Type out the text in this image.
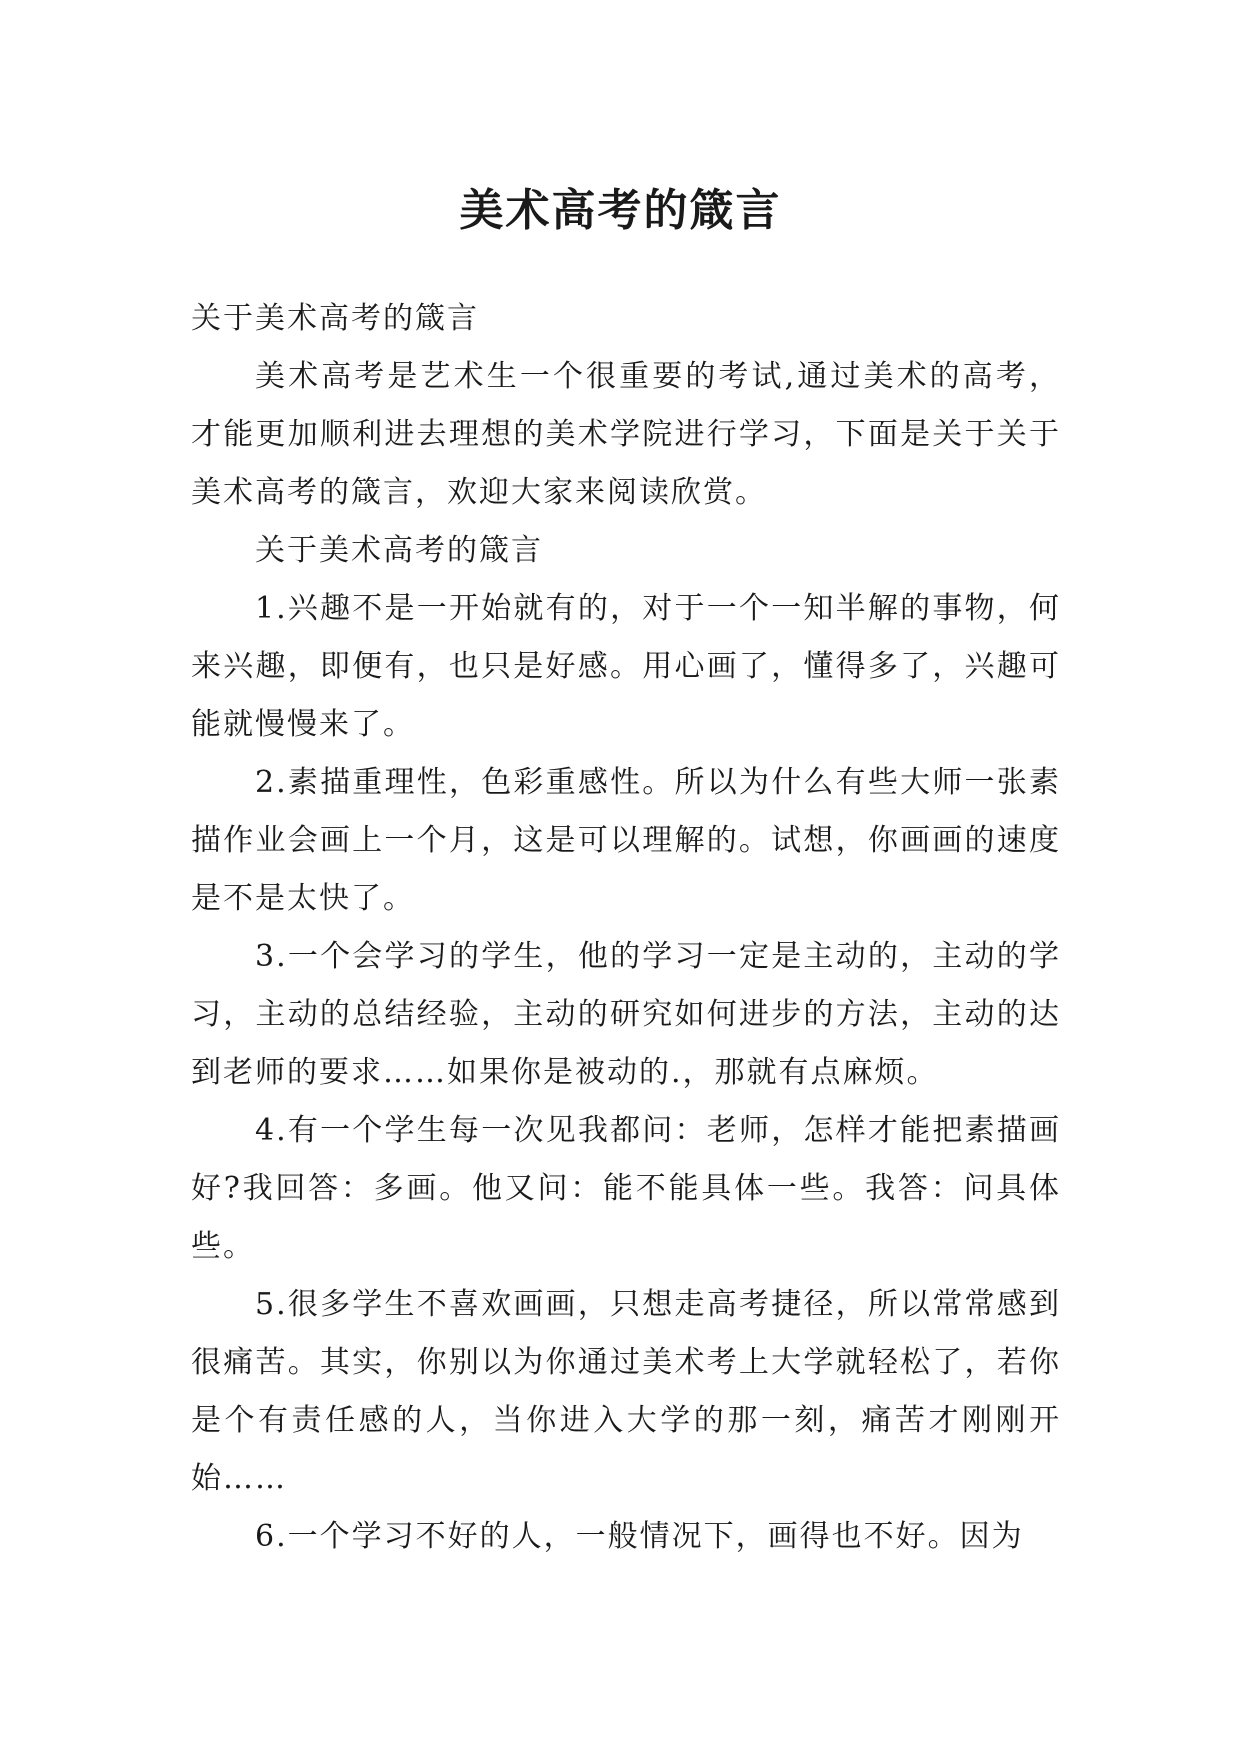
美术高考的箴言

关于美术高考的箴言

美术高考是艺术生一个很重要的考试,通过美术的高考，才能更加顺利进去理想的美术学院进行学习，下面是关于关于美术高考的箴言，欢迎大家来阅读欣赏。

关于美术高考的箴言

1.兴趣不是一开始就有的，对于一个一知半解的事物，何来兴趣，即便有，也只是好感。用心画了，懂得多了，兴趣可能就慢慢来了。

2.素描重理性，色彩重感性。所以为什么有些大师一张素描作业会画上一个月，这是可以理解的。试想，你画画的速度是不是太快了。

3.一个会学习的学生，他的学习一定是主动的，主动的学习，主动的总结经验，主动的研究如何进步的方法，主动的达到老师的要求……如果你是被动的.，那就有点麻烦。

4.有一个学生每一次见我都问：老师，怎样才能把素描画好?我回答：多画。他又问：能不能具体一些。我答：问具体些。

5.很多学生不喜欢画画，只想走高考捷径，所以常常感到很痛苦。其实，你别以为你通过美术考上大学就轻松了，若你是个有责任感的人，当你进入大学的那一刻，痛苦才刚刚开始……

6.一个学习不好的人，一般情况下，画得也不好。因为
